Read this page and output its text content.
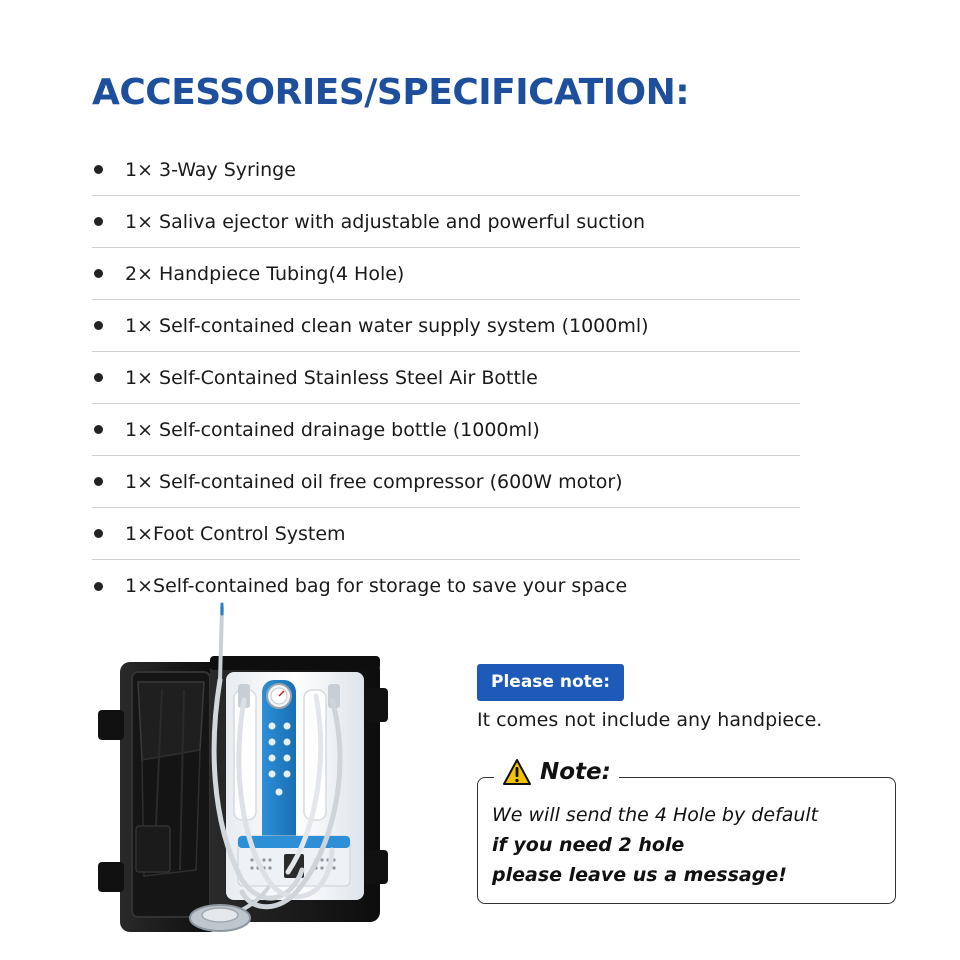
ACCESSORIES/SPECIFICATION:
1× 3-Way Syringe
1× Saliva ejector with adjustable and powerful suction
2× Handpiece Tubing(4 Hole)
1× Self-contained clean water supply system (1000ml)
1× Self-Contained Stainless Steel Air Bottle
1× Self-contained drainage bottle (1000ml)
1× Self-contained oil free compressor (600W motor)
1×Foot Control System
1×Self-contained bag for storage to save your space
Please note:
It comes not include any handpiece.
Note:
We will send the 4 Hole by default
if you need 2 hole
please leave us a message!
